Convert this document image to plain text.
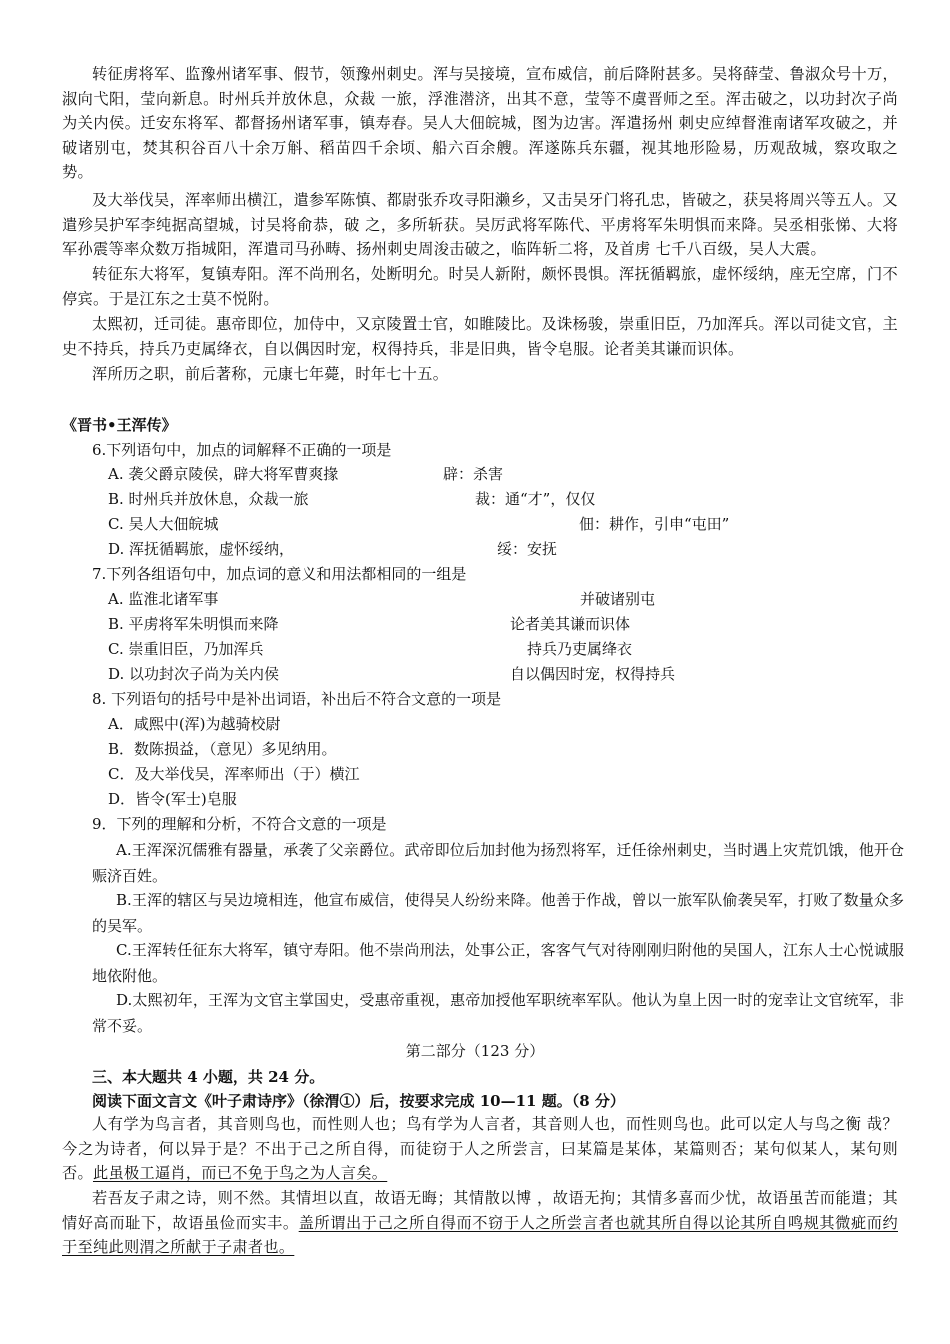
转征虏将军、监豫州诸军事、假节，领豫州刺史。浑与吴接境，宣布威信，前后降附甚多。吴将薛莹、鲁淑众号十万，淑向弋阳，莹向新息。时州兵并放休息，众裁 一旅，浮淮潜济，出其不意，莹等不虞晋师之至。浑击破之，以功封次子尚为关内侯。迁安东将军、都督扬州诸军事，镇寿春。吴人大佃皖城，图为边害。浑遣扬州 刺史应绰督淮南诸军攻破之，并破诸别屯，焚其积谷百八十余万斛、稻苗四千余顷、船六百余艘。浑遂陈兵东疆，视其地形险易，历观敌城，察攻取之势。

及大举伐吴，浑率师出横江，遣参军陈慎、都尉张乔攻寻阳濑乡，又击吴牙门将孔忠，皆破之，获吴将周兴等五人。又遣殄吴护军李纯据高望城，讨吴将俞恭，破 之，多所斩获。吴厉武将军陈代、平虏将军朱明惧而来降。吴丞相张悌、大将军孙震等率众数万指城阳，浑遣司马孙畴、扬州刺史周浚击破之，临阵斩二将，及首虏 七千八百级，吴人大震。

转征东大将军，复镇寿阳。浑不尚刑名，处断明允。时吴人新附，颇怀畏惧。浑抚循羁旅，虚怀绥纳，座无空席，门不停宾。于是江东之士莫不悦附。

太熙初，迁司徒。惠帝即位，加侍中，又京陵置士官，如睢陵比。及诛杨骏，崇重旧臣，乃加浑兵。浑以司徒文官，主史不持兵，持兵乃吏属绛衣，自以偶因时宠，权得持兵，非是旧典，皆令皂服。论者美其谦而识体。

浑所历之职，前后著称，元康七年薨，时年七十五。

《晋书•王浑传》
6.下列语句中，加点的词解释不正确的一项是
A. 袭父爵京陵侯，辟大将军曹爽掾	辟：杀害
B. 时州兵并放休息，众裁一旅	裁：通“才”，仅仅
C. 吴人大佃皖城	佃：耕作，引申“屯田”
D. 浑抚循羁旅，虚怀绥纳，	绥：安抚
7.下列各组语句中，加点词的意义和用法都相同的一组是
A. 监淮北诸军事	并破诸别屯
B. 平虏将军朱明惧而来降	论者美其谦而识体
C. 崇重旧臣，乃加浑兵	持兵乃吏属绛衣
D. 以功封次子尚为关内侯	自以偶因时宠，权得持兵
8. 下列语句的括号中是补出词语，补出后不符合文意的一项是
A．咸熙中(浑)为越骑校尉
B．数陈损益，（意见）多见纳用。
C．及大举伐吴，浑率师出（于）横江
D．皆令(军士)皂服
9．下列的理解和分析，不符合文意的一项是

A.王浑深沉儒雅有器量，承袭了父亲爵位。武帝即位后加封他为扬烈将军，迁任徐州刺史，当时遇上灾荒饥饿，他开仓赈济百姓。

B.王浑的辖区与吴边境相连，他宣布威信，使得吴人纷纷来降。他善于作战，曾以一旅军队偷袭吴军，打败了数量众多的吴军。

C.王浑转任征东大将军，镇守寿阳。他不崇尚刑法，处事公正，客客气气对待刚刚归附他的吴国人，江东人士心悦诚服地依附他。

D.太熙初年，王浑为文官主掌国史，受惠帝重视，惠帝加授他军职统率军队。他认为皇上因一时的宠幸让文官统军，非常不妥。

第二部分（123 分）
三、本大题共 4 小题，共 24 分。
阅读下面文言文《叶子肃诗序》（徐渭①）后，按要求完成 10—11 题。（8 分）

人有学为鸟言者，其音则鸟也，而性则人也；鸟有学为人言者，其音则人也，而性则鸟也。此可以定人与鸟之衡 哉？今之为诗者，何以异于是？不出于己之所自得，而徒窃于人之所尝言，曰某篇是某体，某篇则否；某句似某人，某句则否。此虽极工逼肖，而已不免于鸟之为人言矣。

若吾友子肃之诗，则不然。其情坦以直，故语无晦；其情散以博 ，故语无拘；其情多喜而少忧，故语虽苦而能遣；其情好高而耻下，故语虽俭而实丰。盖所谓出于己之所自得而不窃于人之所尝言者也就其所自得以论其所自鸣规其微疵而约于至纯此则渭之所献于子肃者也。
